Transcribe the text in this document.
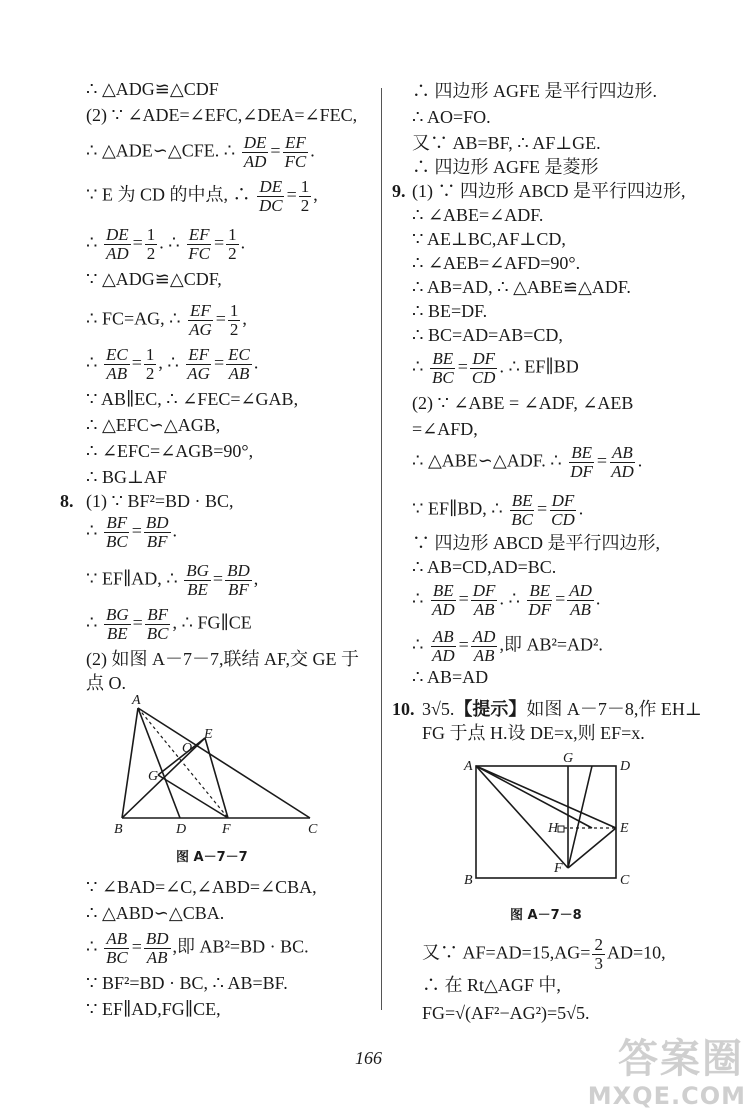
∴ △ADG≌△CDF
(2) ∵ ∠ADE=∠EFC,∠DEA=∠FEC,
∴ △ADE∽△CFE. ∴ $\frac{DE}{AD} = \frac{EF}{FC}$ .
∵ E 为 CD 的中点, ∴ $\frac{DE}{DC} = \frac{1}{2}$ ,
∴ $\frac{DE}{AD} = \frac{1}{2}$ . ∴ $\frac{EF}{FC} = \frac{1}{2}$ .
∵ △ADG≌△CDF,
∴ FC=AG, ∴ $\frac{EF}{AG} = \frac{1}{2}$ ,
∴ $\frac{EC}{AB} = \frac{1}{2}$ , ∴ $\frac{EF}{AG} = \frac{EC}{AB}$ .
∵ AB∥EC, ∴ ∠FEC=∠GAB,
∴ △EFC∽△AGB,
∴ ∠EFC=∠AGB=90°,
∴ BG⊥AF
8. (1) ∵ BF²=BD · BC,
∴ $\frac{BF}{BC} = \frac{BD}{BF}$ .
∵ EF∥AD, ∴ $\frac{BG}{BE} = \frac{BD}{BF}$ ,
∴ $\frac{BG}{BE} = \frac{BF}{BC}$ , ∴ FG∥CE
(2) 如图 A－7－7,联结 AF,交 GE 于
点 O.
A
E
O
G
B	D	F	C
图 A－7－7
∵ ∠BAD=∠C,∠ABD=∠CBA,
∴ △ABD∽△CBA.
∴ $\frac{AB}{BC} = \frac{BD}{AB}$ ,即 AB²=BD · BC.
∵ BF²=BD · BC, ∴ AB=BF.
∵ EF∥AD,FG∥CE,
∴ 四边形 AGFE 是平行四边形.
∴ AO=FO.
又∵ AB=BF, ∴ AF⊥GE.
∴ 四边形 AGFE 是菱形
9. (1) ∵ 四边形 ABCD 是平行四边形,
∴ ∠ABE=∠ADF.
∵ AE⊥BC,AF⊥CD,
∴ ∠AEB=∠AFD=90°.
∴ AB=AD, ∴ △ABE≌△ADF.
∴ BE=DF.
∴ BC=AD=AB=CD,
∴ $\frac{BE}{BC} = \frac{DF}{CD}$ . ∴ EF∥BD
(2) ∵ ∠ABE = ∠ADF, ∠AEB
=∠AFD,
∴ △ABE∽△ADF. ∴ $\frac{BE}{DF} = \frac{AB}{AD}$ .
∵ EF∥BD, ∴ $\frac{BE}{BC} = \frac{DF}{CD}$ .
∵ 四边形 ABCD 是平行四边形,
∴ AB=CD,AD=BC.
∴ $\frac{BE}{AD} = \frac{DF}{AB}$ . ∴ $\frac{BE}{DF} = \frac{AD}{AB}$ .
∴ $\frac{AB}{AD} = \frac{AD}{AB}$ ,即 AB²=AD².
∴ AB=AD
10. 3√5.【提示】如图 A－7－8,作 EH⊥
FG 于点 H.设 DE=x,则 EF=x.
A
G
D
H	E
F
B	C
图 A－7－8
又∵ $AF=AD=15,AG= \frac{2}{3} AD=10$,
∴ 在 Rt△AGF 中,
FG=√(AF²−AG²)=5√5.
166	答案圈
MXQE.COM
